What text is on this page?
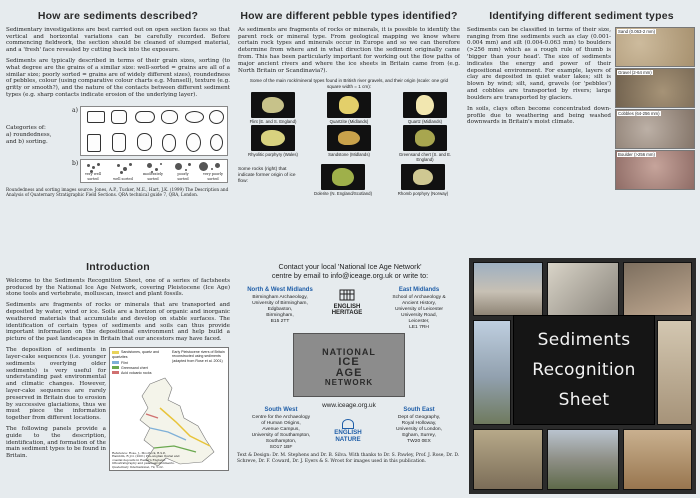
How are sediments described?

Sedimentary investigations are best carried out on open section faces so that vertical and horizontal variations can be carefully recorded. Before commencing fieldwork, the section should be cleaned of slumped material, and a 'fresh' face revealed by cutting back into the exposure.

Sediments are typically described in terms of their grain sizes, sorting (to what degree are the grains of a similar size: well-sorted = grains are all of a similar size; poorly sorted = grains are of widely different sizes), roundedness of pebbles, colour (using comparative colour charts e.g. Munsell), texture (e.g. gritty or smooth?), and the nature of the contacts between different sediment types (e.g. sharp contacts indicate erosion of the underlying layer).

Categories of:
a) roundedness,
and b) sorting.
a)
b)
very well sorted	well sorted
moderately sorted
poorly sorted
very poorly sorted
Roundedness and sorting images source: Jones, A.P., Tucker, M.E., Hart, J.K. (1999) The Description and Analysis of Quaternary Stratigraphic Field Sections. QRA technical guide 7, QRA, London.
How are different pebble types identified?

As sediments are fragments of rocks or minerals, it is possible to identify the parent rock or mineral type. From geological mapping we know where certain rock types and minerals occur in Europe and so we can therefore determine from where and in what direction the sediment originally came from. This has been particularly important for working out the flow paths of major ancient rivers and where the ice sheets in Britain came from (e.g. North Britain or Scandinavia?).

Some of the main rock/mineral types found in British river gravels, and their origin (scale: one grid square width = 1 cm):
Flint (E. and S. England)	Quartzite (Midlands)	Quartz (Midlands)
Rhyolitic porphyry (Wales)	Sandstone (Midlands)	Greensand chert (S. and E. England)
Some rocks (right) that indicate former origin of ice flow:
Dolerite (N. England/Scotland)	Rhomb porphyry (Norway)
Identifying different sediment types

Sediments can be classified in terms of their size, ranging from fine sediments such as clay (0.001-0.004 mm) and silt (0.004-0.063 mm) to boulders (>256 mm) which as a rough rule of thumb is 'bigger than your head'. The size of sediments indicates the energy and power of their depositional environment. For example, layers of clay are deposited in quiet water lakes; silt is blown by wind; silt, sand, gravels (or 'pebbles') and cobbles are transported by rivers; large boulders are transported by glaciers.

In soils, clays often become concentrated down-profile due to weathering and being washed downwards in Britain's moist climate.

Sand (0.063-2 mm)
Gravel (2-64 mm)
Cobbles (64-256 mm)
Boulder (>256 mm)
Introduction

Welcome to the Sediments Recognition Sheet, one of a series of factsheets produced by the National Ice Age Network, covering Pleistocene (Ice Age) stone tools and vertebrate, molluscan, insect and plant fossils.

Sediments are fragments of rocks or minerals that are transported and deposited by water, wind or ice. Soils are a horizon of organic and inorganic weathered materials that accumulate and develop on stable surfaces. The identification of certain types of sediments and soils can thus provide important information on the depositional environment and help build a picture of the past landscapes in Britain that our ancestors may have faced.

The deposition of sediments in layer-cake sequences (i.e. younger sediments overlying older sediments) is very useful for understanding past environmental and climatic changes. However, layer-cake sequences are rarely preserved in Britain due to erosion by successive glaciations, thus we must piece the information together from different locations.

The following panels provide a guide to the description, identification, and formation of the main sediment types to be found in Britain.

Sandstones, quartz and quartzites
Flint
Greensand chert
Acid volcanic rocks
Early Pleistocene rivers of Britain reconstructed using sediments (adapted from Rose et al. 2001)
Reference: Rose, J., Moorlock, B.S.P., Hamblin, R.J.O. (2001) Pre-Anglian fluvial and coastal deposits in Eastern England: lithostratigraphy and palaeoenvironments. Quaternary International, 79, 5-22.
Contact your local 'National Ice Age Network'
centre by email to info@iceage.org.uk or write to:
North & West Midlands
Birmingham Archaeology,
University of Birmingham,
Edgbaston,
Birmingham,
B15 2TT
ENGLISH
HERITAGE
East Midlands
School of Archaeology &
Ancient History,
University of Leicester
University Road,
Leicester,
LE1 7RH
NATIONAL
ICE
AGE
NETWORK
www.iceage.org.uk
South West
Centre for the Archaeology
of Human Origins,
Avenue Campus,
University of Southampton,
Southampton,
SO17 1BF
ENGLISH
NATURE
South East
Dept of Geography,
Royal Holloway,
University of London,
Egham, Surrey,
TW20 0EX
Text & Design: Dr. M. Stephens and Dr. B. Silva. With thanks to Dr. S. Pawley, Prof. J. Rose, Dr. D. Schreve, Dr. F. Coward, Dr. J. Eyers & S. Wroot for images used in this publication.
Sediments
Recognition
Sheet
